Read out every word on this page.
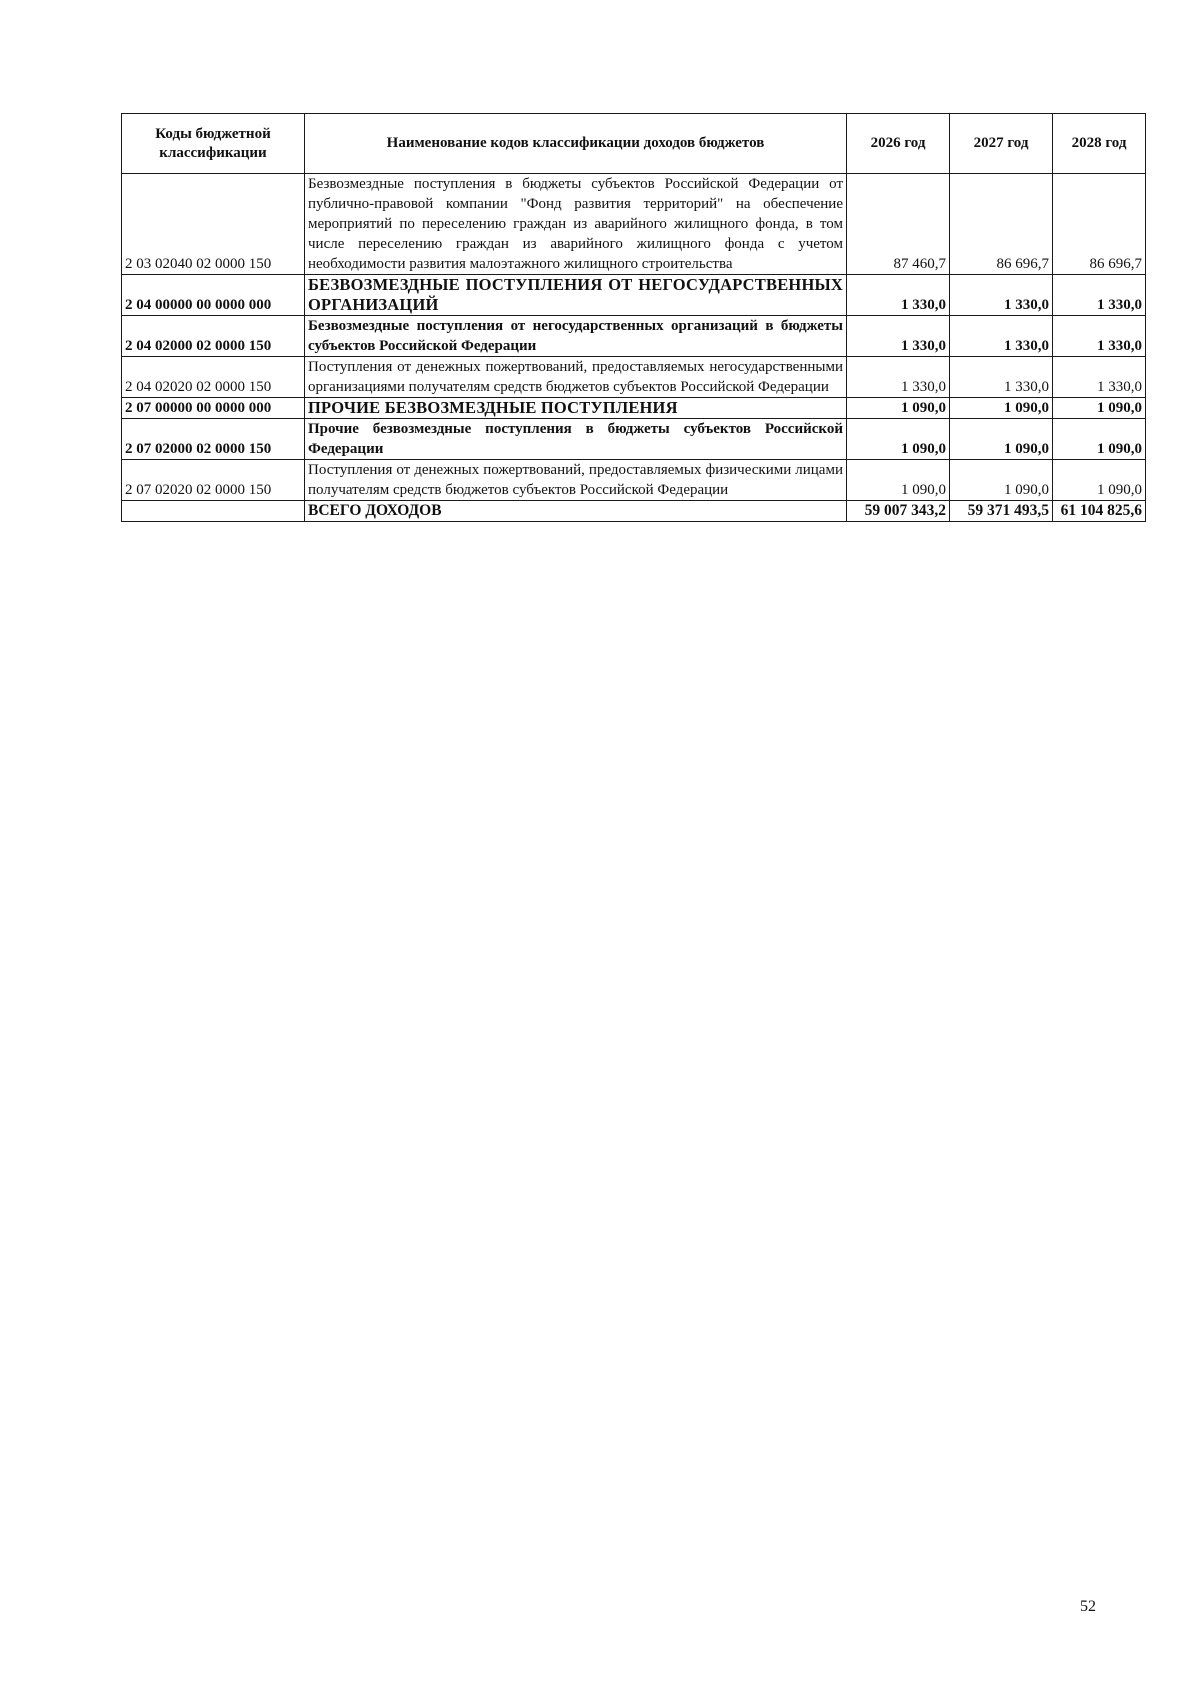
Коды бюджетной классификации	Наименование кодов классификации доходов бюджетов	2026 год	2027 год	2028 год
2 03 02040 02 0000 150	Безвозмездные поступления в бюджеты субъектов Российской Федерации от публично-правовой компании "Фонд развития территорий" на обеспечение мероприятий по переселению граждан из аварийного жилищного фонда, в том числе переселению граждан из аварийного жилищного фонда с учетом необходимости развития малоэтажного жилищного строительства	87 460,7	86 696,7	86 696,7
2 04 00000 00 0000 000	БЕЗВОЗМЕЗДНЫЕ ПОСТУПЛЕНИЯ ОТ НЕГОСУДАРСТВЕННЫХ ОРГАНИЗАЦИЙ	1 330,0	1 330,0	1 330,0
2 04 02000 02 0000 150	Безвозмездные поступления от негосударственных организаций в бюджеты субъектов Российской Федерации	1 330,0	1 330,0	1 330,0
2 04 02020 02 0000 150	Поступления от денежных пожертвований, предоставляемых негосударственными организациями получателям средств бюджетов субъектов Российской Федерации	1 330,0	1 330,0	1 330,0
2 07 00000 00 0000 000	ПРОЧИЕ БЕЗВОЗМЕЗДНЫЕ ПОСТУПЛЕНИЯ	1 090,0	1 090,0	1 090,0
2 07 02000 02 0000 150	Прочие безвозмездные поступления в бюджеты субъектов Российской Федерации	1 090,0	1 090,0	1 090,0
2 07 02020 02 0000 150	Поступления от денежных пожертвований, предоставляемых физическими лицами получателям средств бюджетов субъектов Российской Федерации	1 090,0	1 090,0	1 090,0
	ВСЕГО ДОХОДОВ	59 007 343,2	59 371 493,5	61 104 825,6
52
